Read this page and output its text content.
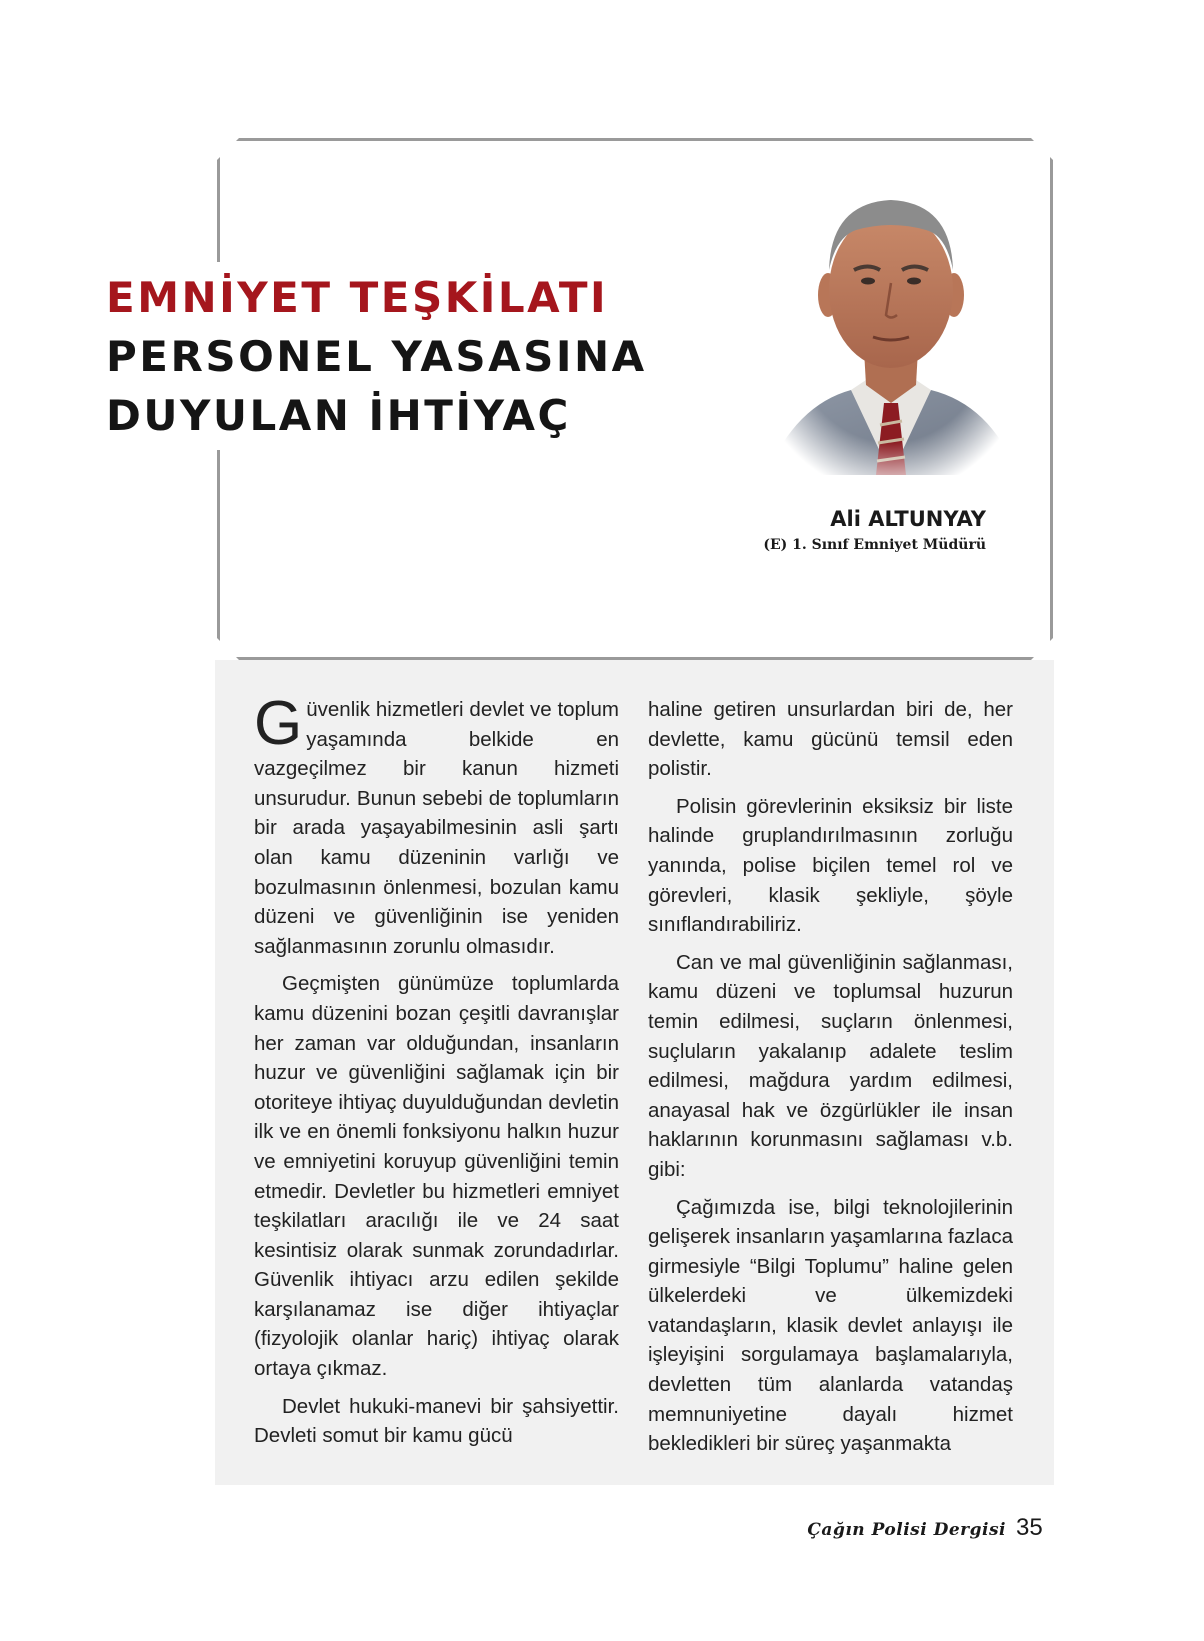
EMNİYET TEŞKİLATI
PERSONEL YASASINA
DUYULAN İHTİYAÇ
Ali ALTUNYAY
(E) 1. Sınıf Emniyet Müdürü

Güvenlik hizmetleri devlet ve toplum yaşamında belkide en vazgeçilmez bir kanun hizmeti unsurudur. Bunun sebebi de toplumların bir arada yaşayabilmesinin asli şartı olan kamu düzeninin varlığı ve bozulmasının önlenmesi, bozulan kamu düzeni ve güvenliğinin ise yeniden sağlanmasının zorunlu olmasıdır.

Geçmişten günümüze toplumlarda kamu düzenini bozan çeşitli davranışlar her zaman var olduğundan, insanların huzur ve güvenliğini sağlamak için bir otoriteye ihtiyaç duyulduğundan devletin ilk ve en önemli fonksiyonu halkın huzur ve emniyetini koruyup güvenliğini temin etmedir. Devletler bu hizmetleri emniyet teşkilatları aracılığı ile ve 24 saat kesintisiz olarak sunmak zorundadırlar. Güvenlik ihtiyacı arzu edilen şekilde karşılanamaz ise diğer ihtiyaçlar (fizyolojik olanlar hariç) ihtiyaç olarak ortaya çıkmaz.

Devlet hukuki-manevi bir şahsiyettir. Devleti somut bir kamu gücü

haline getiren unsurlardan biri de, her devlette, kamu gücünü temsil eden polistir.

Polisin görevlerinin eksiksiz bir liste halinde gruplandırılmasının zorluğu yanında, polise biçilen temel rol ve görevleri, klasik şekliyle, şöyle sınıflandırabiliriz.

Can ve mal güvenliğinin sağlanması, kamu düzeni ve toplumsal huzurun temin edilmesi, suçların önlenmesi, suçluların yakalanıp adalete teslim edilmesi, mağdura yardım edilmesi, anayasal hak ve özgürlükler ile insan haklarının korunmasını sağlaması v.b. gibi:

Çağımızda ise, bilgi teknolojilerinin gelişerek insanların yaşamlarına fazlaca girmesiyle “Bilgi Toplumu” haline gelen ülkelerdeki ve ülkemizdeki vatandaşların, klasik devlet anlayışı ile işleyişini sorgulamaya başlamalarıyla, devletten tüm alanlarda vatandaş memnuniyetine dayalı hizmet bekledikleri bir süreç yaşanmakta

Çağın Polisi Dergisi 35
